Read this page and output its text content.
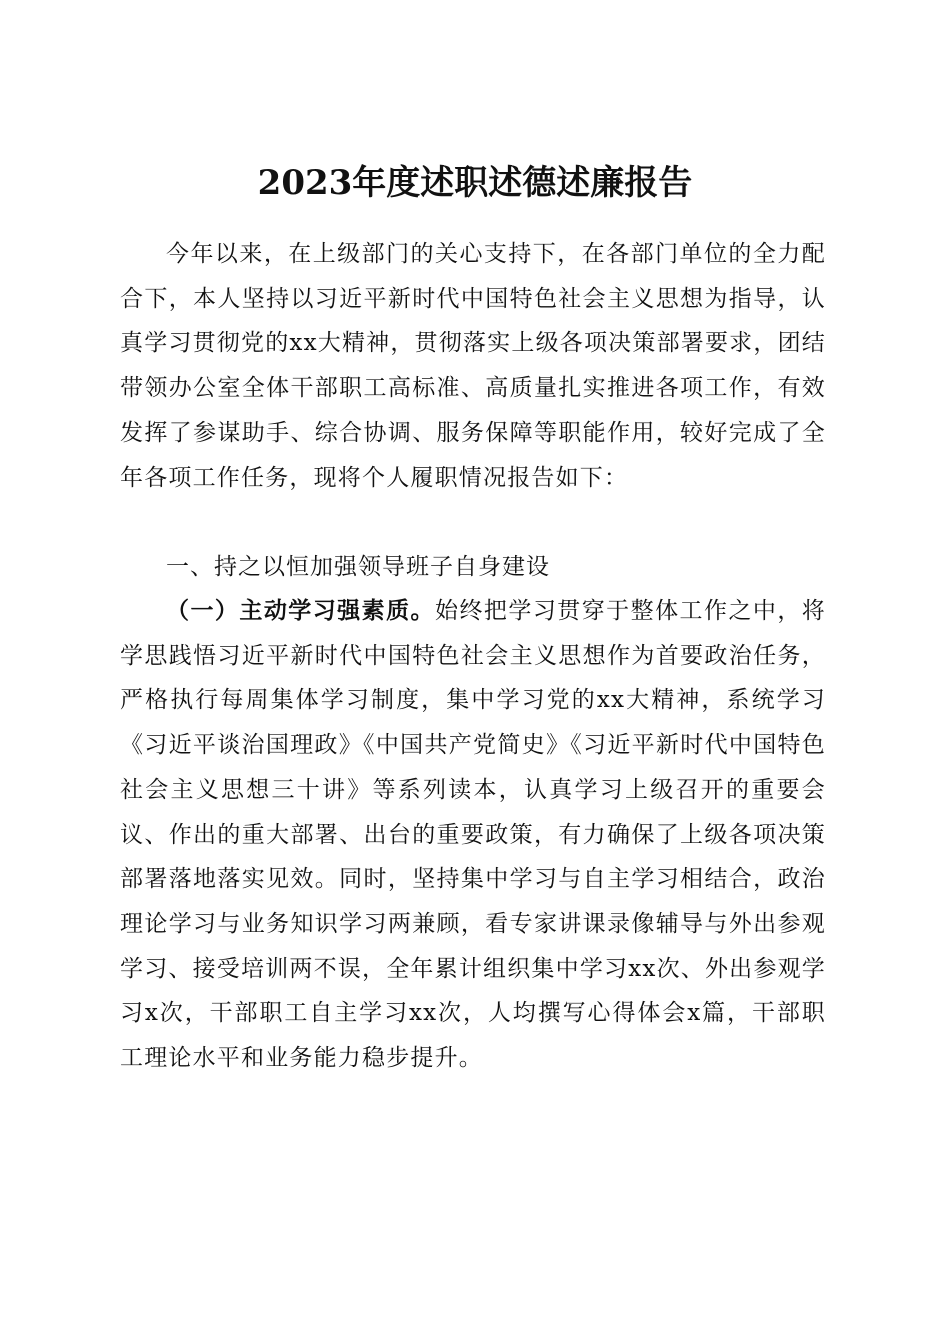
2023年度述职述德述廉报告

今年以来，在上级部门的关心支持下，在各部门单位的全力配合下，本人坚持以习近平新时代中国特色社会主义思想为指导，认真学习贯彻党的xx大精神，贯彻落实上级各项决策部署要求，团结带领办公室全体干部职工高标准、高质量扎实推进各项工作，有效发挥了参谋助手、综合协调、服务保障等职能作用，较好完成了全年各项工作任务，现将个人履职情况报告如下：

一、持之以恒加强领导班子自身建设

（一）主动学习强素质。始终把学习贯穿于整体工作之中，将学思践悟习近平新时代中国特色社会主义思想作为首要政治任务，严格执行每周集体学习制度，集中学习党的xx大精神，系统学习《习近平谈治国理政》《中国共产党简史》《习近平新时代中国特色社会主义思想三十讲》等系列读本，认真学习上级召开的重要会议、作出的重大部署、出台的重要政策，有力确保了上级各项决策部署落地落实见效。同时，坚持集中学习与自主学习相结合，政治理论学习与业务知识学习两兼顾，看专家讲课录像辅导与外出参观学习、接受培训两不误，全年累计组织集中学习xx次、外出参观学习x次，干部职工自主学习xx次，人均撰写心得体会x篇，干部职工理论水平和业务能力稳步提升。
